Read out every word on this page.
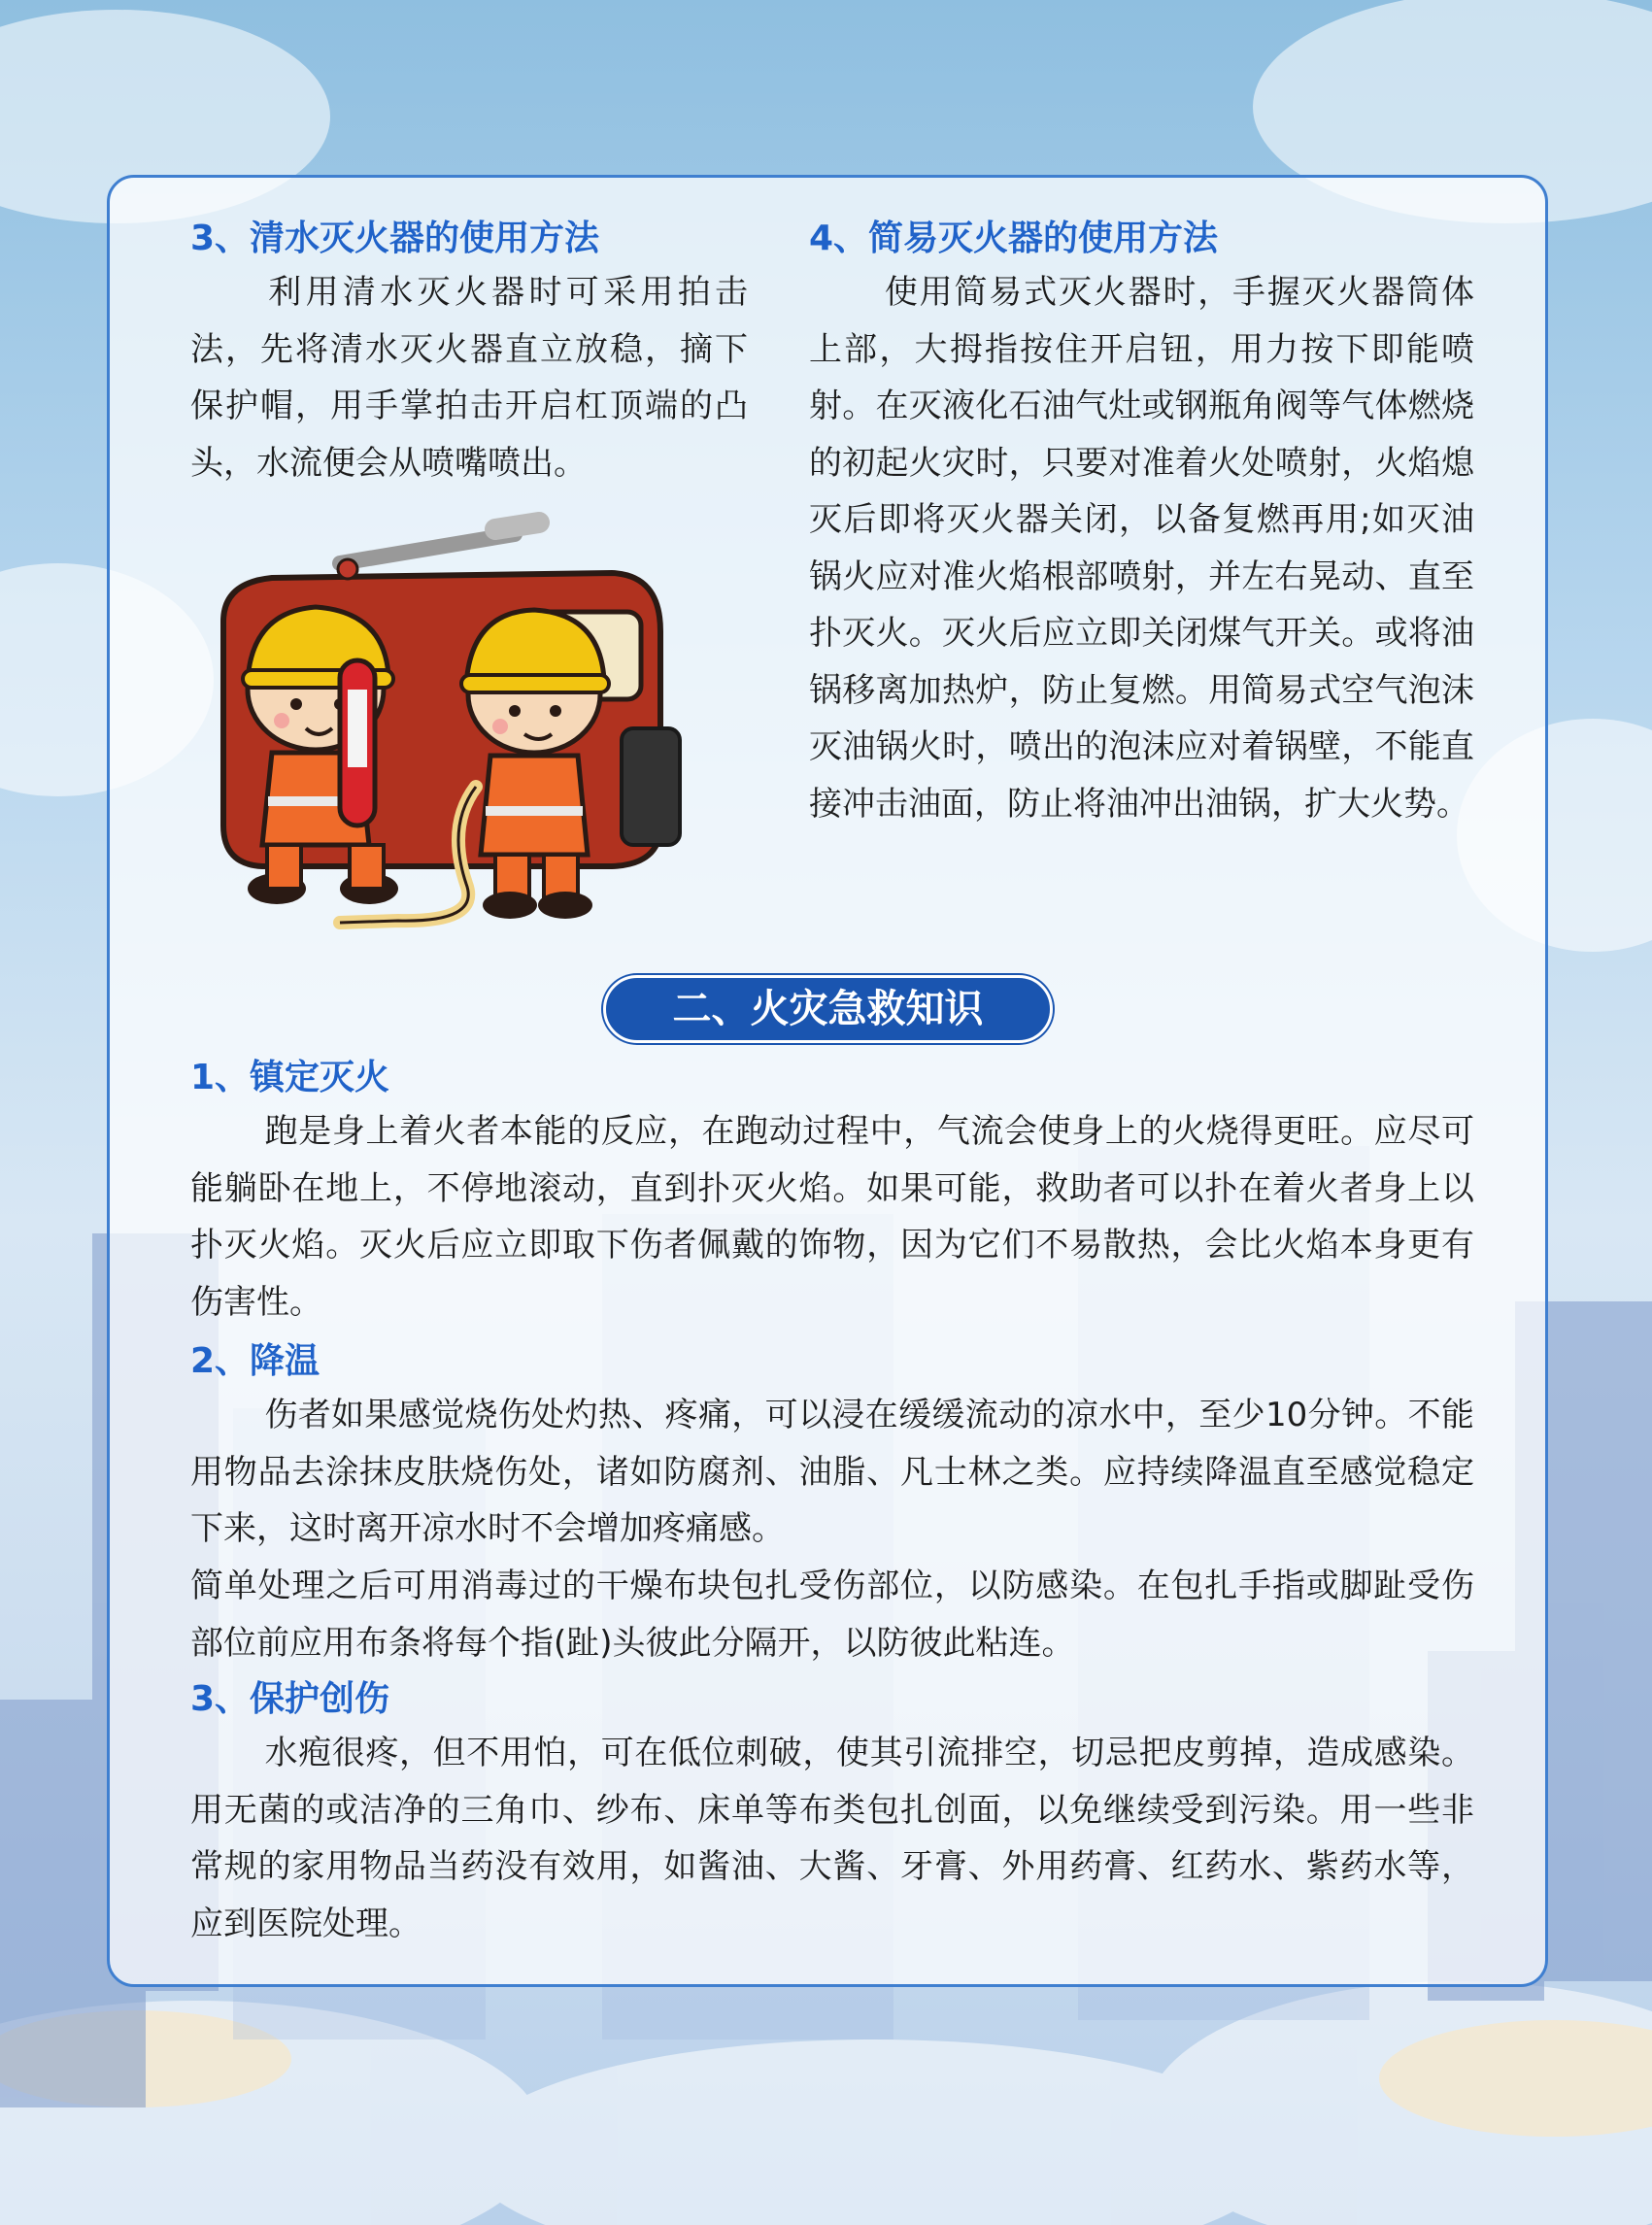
3、清水灭火器的使用方法
利用清水灭火器时可采用拍击法，先将清水灭火器直立放稳，摘下保护帽，用手掌拍击开启杠顶端的凸头，水流便会从喷嘴喷出。
4、简易灭火器的使用方法
使用简易式灭火器时，手握灭火器筒体上部，大拇指按住开启钮，用力按下即能喷射。在灭液化石油气灶或钢瓶角阀等气体燃烧的初起火灾时，只要对准着火处喷射，火焰熄灭后即将灭火器关闭，以备复燃再用;如灭油锅火应对准火焰根部喷射，并左右晃动、直至扑灭火。灭火后应立即关闭煤气开关。或将油锅移离加热炉，防止复燃。用简易式空气泡沫灭油锅火时，喷出的泡沫应对着锅壁，不能直接冲击油面，防止将油冲出油锅，扩大火势。
二、火灾急救知识
1、镇定灭火
跑是身上着火者本能的反应，在跑动过程中，气流会使身上的火烧得更旺。应尽可能躺卧在地上，不停地滚动，直到扑灭火焰。如果可能，救助者可以扑在着火者身上以扑灭火焰。灭火后应立即取下伤者佩戴的饰物，因为它们不易散热，会比火焰本身更有伤害性。
2、降温
伤者如果感觉烧伤处灼热、疼痛，可以浸在缓缓流动的凉水中，至少10分钟。不能用物品去涂抹皮肤烧伤处，诸如防腐剂、油脂、凡士林之类。应持续降温直至感觉稳定下来，这时离开凉水时不会增加疼痛感。
简单处理之后可用消毒过的干燥布块包扎受伤部位，以防感染。在包扎手指或脚趾受伤部位前应用布条将每个指(趾)头彼此分隔开，以防彼此粘连。
3、保护创伤
水疱很疼，但不用怕，可在低位刺破，使其引流排空，切忌把皮剪掉，造成感染。用无菌的或洁净的三角巾、纱布、床单等布类包扎创面，以免继续受到污染。用一些非常规的家用物品当药没有效用，如酱油、大酱、牙膏、外用药膏、红药水、紫药水等，应到医院处理。
